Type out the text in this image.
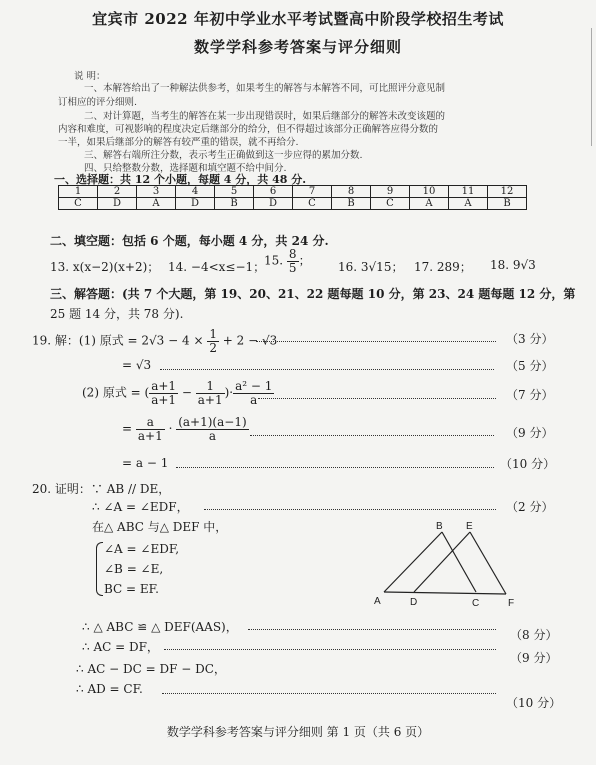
宜宾市 2022 年初中学业水平考试暨高中阶段学校招生考试
数学学科参考答案与评分细则
说 明：
一、本解答给出了一种解法供参考，如果考生的解答与本解答不同，可比照评分意见制
订相应的评分细则.
二、对计算题，当考生的解答在某一步出现错误时，如果后继部分的解答未改变该题的
内容和难度，可视影响的程度决定后继部分的给分，但不得超过该部分正确解答应得分数的
一半，如果后继部分的解答有较严重的错误，就不再给分.
三、解答右端所注分数，表示考生正确做到这一步应得的累加分数.
四、只给整数分数，选择题和填空题不给中间分.
一、选择题：共 12 个小题，每题 4 分，共 48 分.
1	2	3	4	5	6	7	8	9	10	11	12
C	D	A	D	B	D	C	B	C	A	A	B
二、填空题：包括 6 个题，每小题 4 分，共 24 分.
13. x(x−2)(x+2)； 14. −4<x≤−1；
15. $\frac{8}{5}$ ； 16. 3√15； 17. 289； 18. 9√3
三、解答题：(共 7 个大题，第 19、20、21、22 题每题 10 分，第 23、24 题每题 12 分，第
25 题 14 分，共 78 分).
19. 解：(1) 原式 = $2√3 - 4 \times \frac{1}{2} + 2 - √3$	（3 分）
= √3	（5 分）
(2) 原式 = ( $\frac{a+1}{a+1} - \frac{1}{a+1}$ )· $\frac{\text{a² − 1}}{a}$	（7 分）
= $\frac{a}{a+1} \cdot \frac{(a+1)(a-1)}{a}$	（9 分）
= a − 1	（10 分）
20. 证明：∵ AB // DE，
∴ ∠A = ∠EDF，	（2 分）
在△ ABC 与△ DEF 中，
∠A = ∠EDF,
∠B = ∠E,
BC = EF.
A
B
C
D
E
F
∴ △ ABC ≌ △ DEF(AAS)，
（8 分）
∴ AC = DF，
（9 分）
∴ AC − DC = DF − DC，
∴ AD = CF.
（10 分）
数学学科参考答案与评分细则 第 1 页（共 6 页）
